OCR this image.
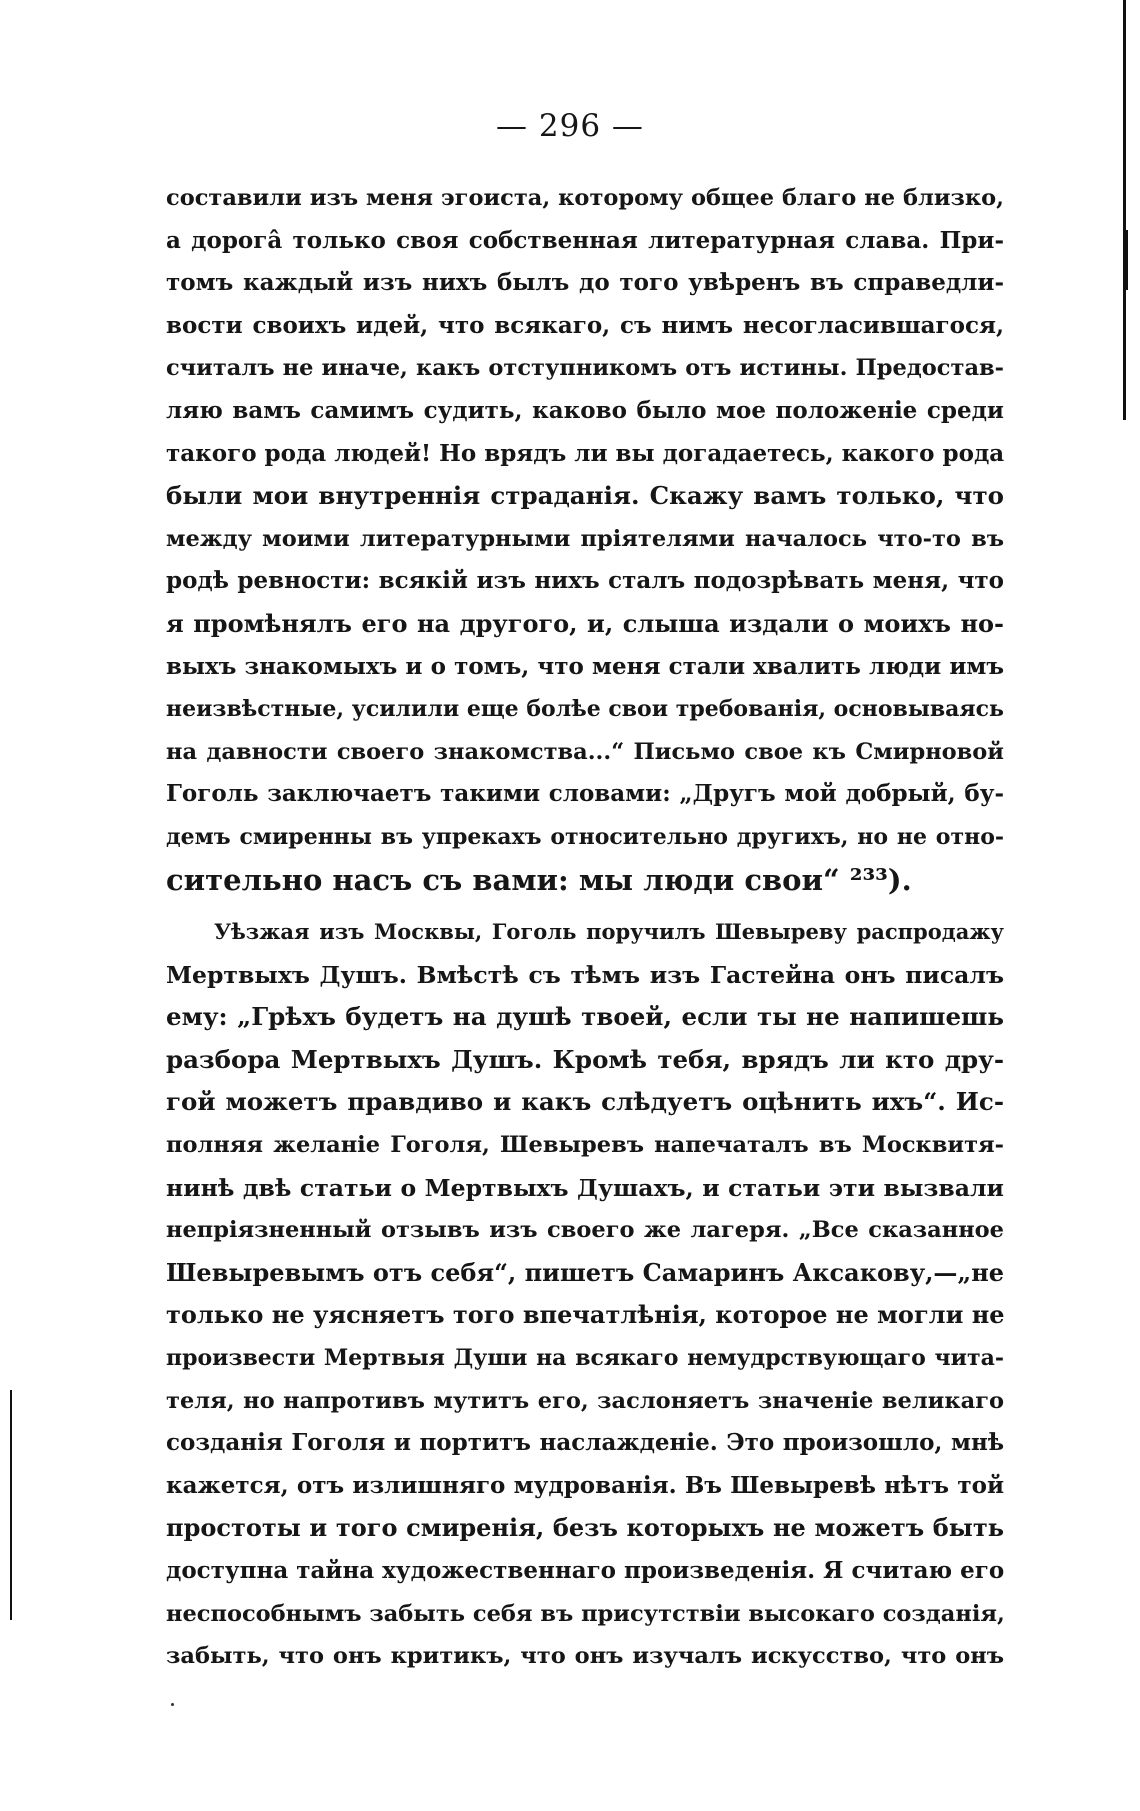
— 296 —
составили изъ меня эгоиста, которому общее благо не близко,
а дорогâ только своя собственная литературная слава. При-
томъ каждый изъ нихъ былъ до того увѣренъ въ справедли-
вости своихъ идей, что всякаго, съ нимъ несогласившагося,
считалъ не иначе, какъ отступникомъ отъ истины. Предостав-
ляю вамъ самимъ судить, каково было мое положеніе среди
такого рода людей! Но врядъ ли вы догадаетесь, какого рода
были мои внутреннія страданія. Скажу вамъ только, что
между моими литературными пріятелями началось что-то въ
родѣ ревности: всякій изъ нихъ сталъ подозрѣвать меня, что
я промѣнялъ его на другого, и, слыша издали о моихъ но-
выхъ знакомыхъ и о томъ, что меня стали хвалить люди имъ
неизвѣстные, усилили еще болѣе свои требованія, основываясь
на давности своего знакомства...“ Письмо свое къ Смирновой
Гоголь заключаетъ такими словами: „Другъ мой добрый, бу-
демъ смиренны въ упрекахъ относительно другихъ, но не отно-
сительно насъ съ вами: мы люди свои“ ²³³).
Уѣзжая изъ Москвы, Гоголь поручилъ Шевыреву распродажу
Мертвыхъ Душъ. Вмѣстѣ съ тѣмъ изъ Гастейна онъ писалъ
ему: „Грѣхъ будетъ на душѣ твоей, если ты не напишешь
разбора Мертвыхъ Душъ. Кромѣ тебя, врядъ ли кто дру-
гой можетъ правдиво и какъ слѣдуетъ оцѣнить ихъ“. Ис-
полняя желаніе Гоголя, Шевыревъ напечаталъ въ Москвитя-
нинѣ двѣ статьи о Мертвыхъ Душахъ, и статьи эти вызвали
непріязненный отзывъ изъ своего же лагеря. „Все сказанное
Шевыревымъ отъ себя“, пишетъ Самаринъ Аксакову,—„не
только не уясняетъ того впечатлѣнія, которое не могли не
произвести Мертвыя Души на всякаго немудрствующаго чита-
теля, но напротивъ мутитъ его, заслоняетъ значеніе великаго
созданія Гоголя и портитъ наслажденіе. Это произошло, мнѣ
кажется, отъ излишняго мудрованія. Въ Шевыревѣ нѣтъ той
простоты и того смиренія, безъ которыхъ не можетъ быть
доступна тайна художественнаго произведенія. Я считаю его
неспособнымъ забыть себя въ присутствіи высокаго созданія,
забыть, что онъ критикъ, что онъ изучалъ искусство, что онъ
